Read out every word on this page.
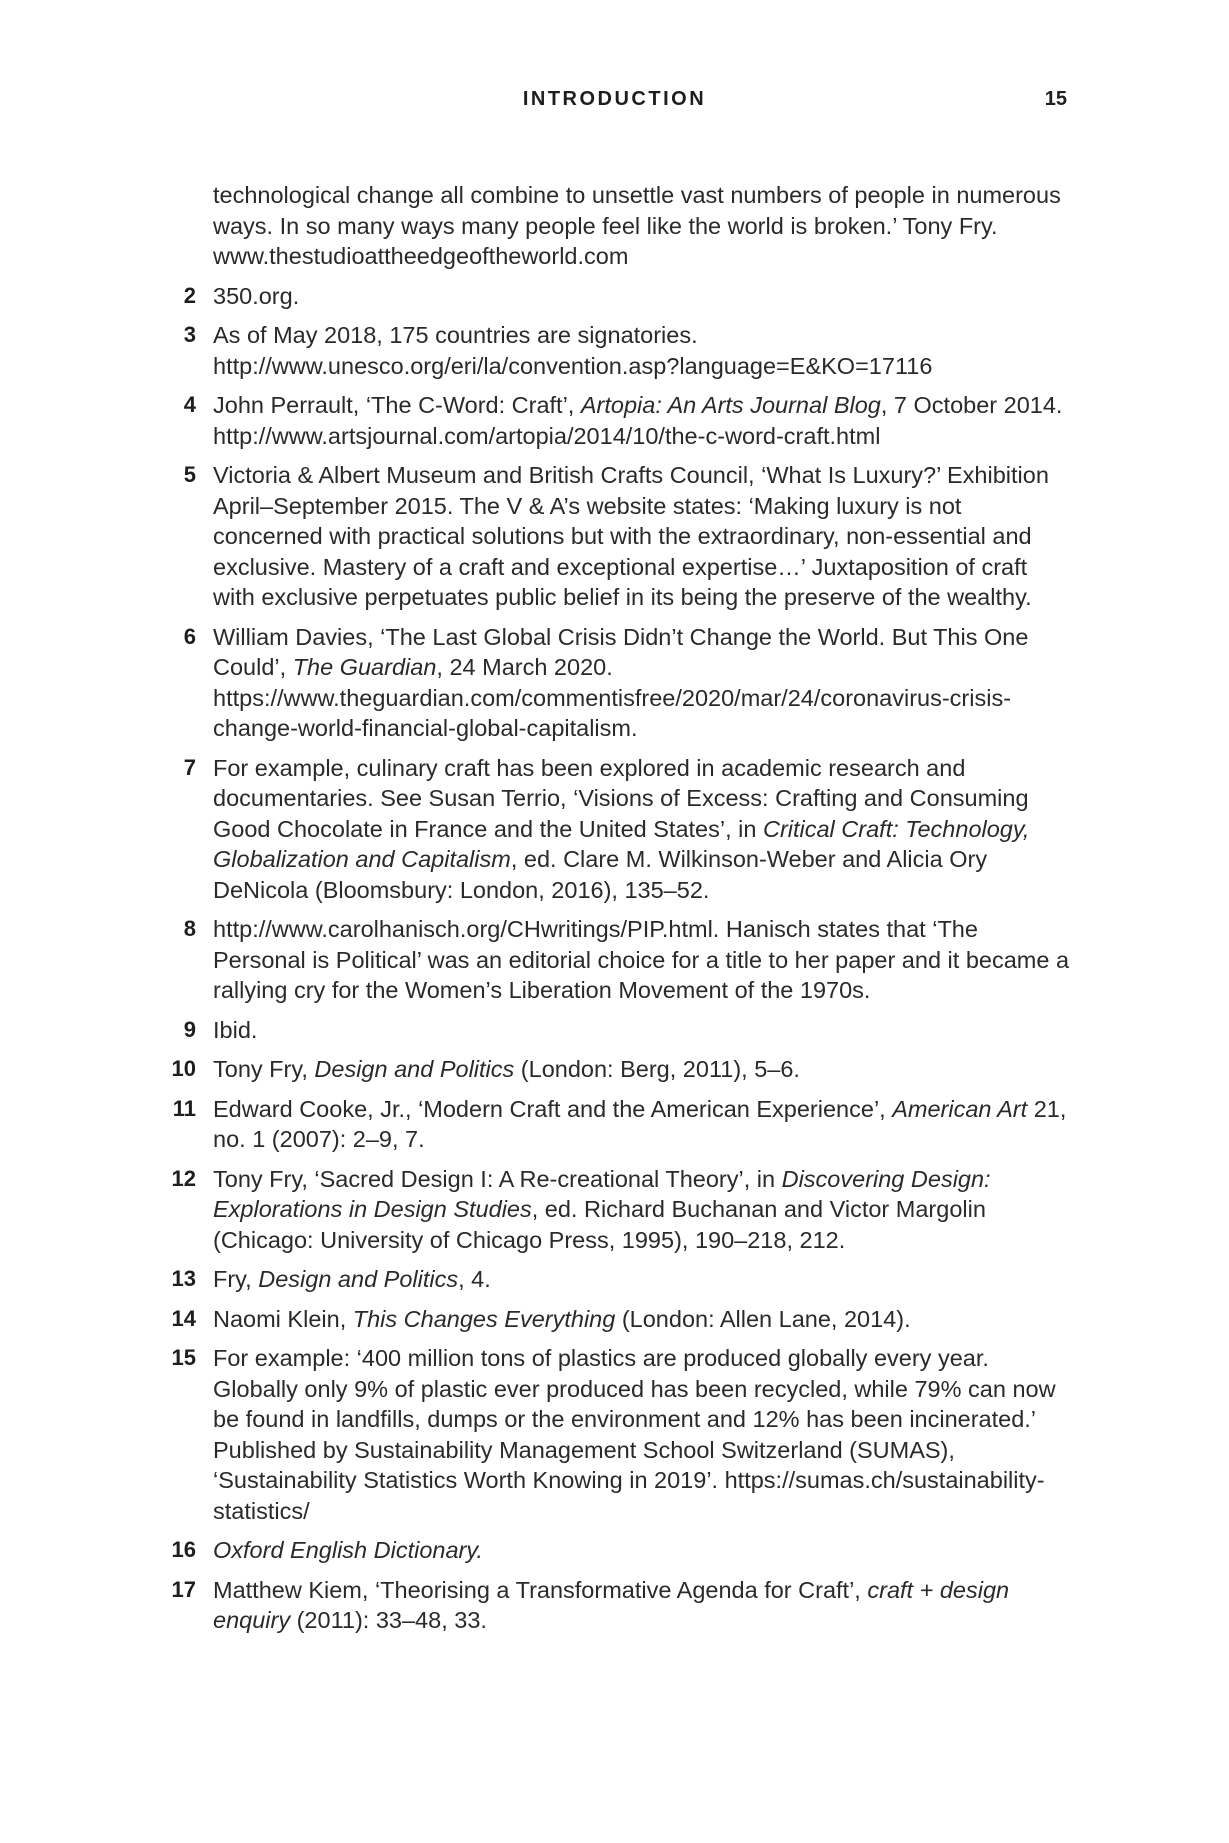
INTRODUCTION	15
technological change all combine to unsettle vast numbers of people in numerous ways. In so many ways many people feel like the world is broken.’ Tony Fry. www.thestudioattheedgeoftheworld.com
2 350.org.
3 As of May 2018, 175 countries are signatories. http://www.unesco.org/eri/la/convention.asp?language=E&KO=17116
4 John Perrault, ‘The C-Word: Craft’, Artopia: An Arts Journal Blog, 7 October 2014. http://www.artsjournal.com/artopia/2014/10/the-c-word-craft.html
5 Victoria & Albert Museum and British Crafts Council, ‘What Is Luxury?’ Exhibition April–September 2015. The V & A’s website states: ‘Making luxury is not concerned with practical solutions but with the extraordinary, non-essential and exclusive. Mastery of a craft and exceptional expertise…’ Juxtaposition of craft with exclusive perpetuates public belief in its being the preserve of the wealthy.
6 William Davies, ‘The Last Global Crisis Didn’t Change the World. But This One Could’, The Guardian, 24 March 2020. https://www.theguardian.com/commentisfree/2020/mar/24/coronavirus-crisis-change-world-financial-global-capitalism.
7 For example, culinary craft has been explored in academic research and documentaries. See Susan Terrio, ‘Visions of Excess: Crafting and Consuming Good Chocolate in France and the United States’, in Critical Craft: Technology, Globalization and Capitalism, ed. Clare M. Wilkinson-Weber and Alicia Ory DeNicola (Bloomsbury: London, 2016), 135–52.
8 http://www.carolhanisch.org/CHwritings/PIP.html. Hanisch states that ‘The Personal is Political’ was an editorial choice for a title to her paper and it became a rallying cry for the Women’s Liberation Movement of the 1970s.
9 Ibid.
10 Tony Fry, Design and Politics (London: Berg, 2011), 5–6.
11 Edward Cooke, Jr., ‘Modern Craft and the American Experience’, American Art 21, no. 1 (2007): 2–9, 7.
12 Tony Fry, ‘Sacred Design I: A Re-creational Theory’, in Discovering Design: Explorations in Design Studies, ed. Richard Buchanan and Victor Margolin (Chicago: University of Chicago Press, 1995), 190–218, 212.
13 Fry, Design and Politics, 4.
14 Naomi Klein, This Changes Everything (London: Allen Lane, 2014).
15 For example: ‘400 million tons of plastics are produced globally every year. Globally only 9% of plastic ever produced has been recycled, while 79% can now be found in landfills, dumps or the environment and 12% has been incinerated.’ Published by Sustainability Management School Switzerland (SUMAS), ‘Sustainability Statistics Worth Knowing in 2019’. https://sumas.ch/sustainability-statistics/
16 Oxford English Dictionary.
17 Matthew Kiem, ‘Theorising a Transformative Agenda for Craft’, craft + design enquiry (2011): 33–48, 33.
